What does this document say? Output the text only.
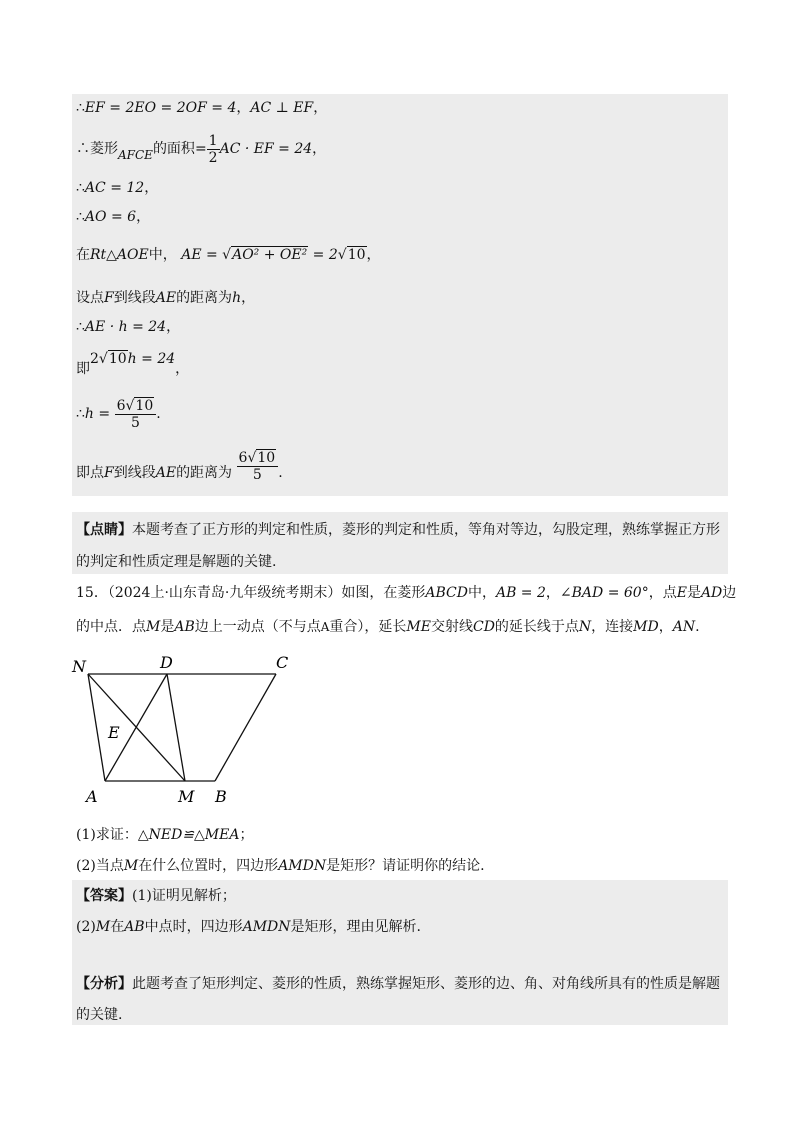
∴EF = 2EO = 2OF = 4，AC ⊥ EF，
∴菱形AFCE的面积= $\frac{1}{2}$ AC · EF = 24，
∴AC = 12，
∴AO = 6，
在Rt△AOE中， AE = √AO² + OE² = 2√10，
设点F到线段AE的距离为h，
∴AE · h = 24，
即2√10h = 24，
∴h = $\frac{6√10}{5}$ .
即点F到线段AE的距离为 $\frac{6√10}{5}$ .
【点睛】本题考查了正方形的判定和性质，菱形的判定和性质，等角对等边，勾股定理，熟练掌握正方形
的判定和性质定理是解题的关键.
15．（2024上·山东青岛·九年级统考期末）如图，在菱形ABCD中，AB = 2，∠BAD = 60°，点E是AD边
的中点．点M是AB边上一动点（不与点A重合），延长ME交射线CD的延长线于点N，连接MD，AN.
N	D	C
E
A	M B
(1)求证：△NED≌△MEA；
(2)当点M在什么位置时，四边形AMDN是矩形？请证明你的结论.
【答案】(1)证明见解析；
(2)M在AB中点时，四边形AMDN是矩形，理由见解析.
【分析】此题考查了矩形判定、菱形的性质，熟练掌握矩形、菱形的边、角、对角线所具有的性质是解题
的关键.
